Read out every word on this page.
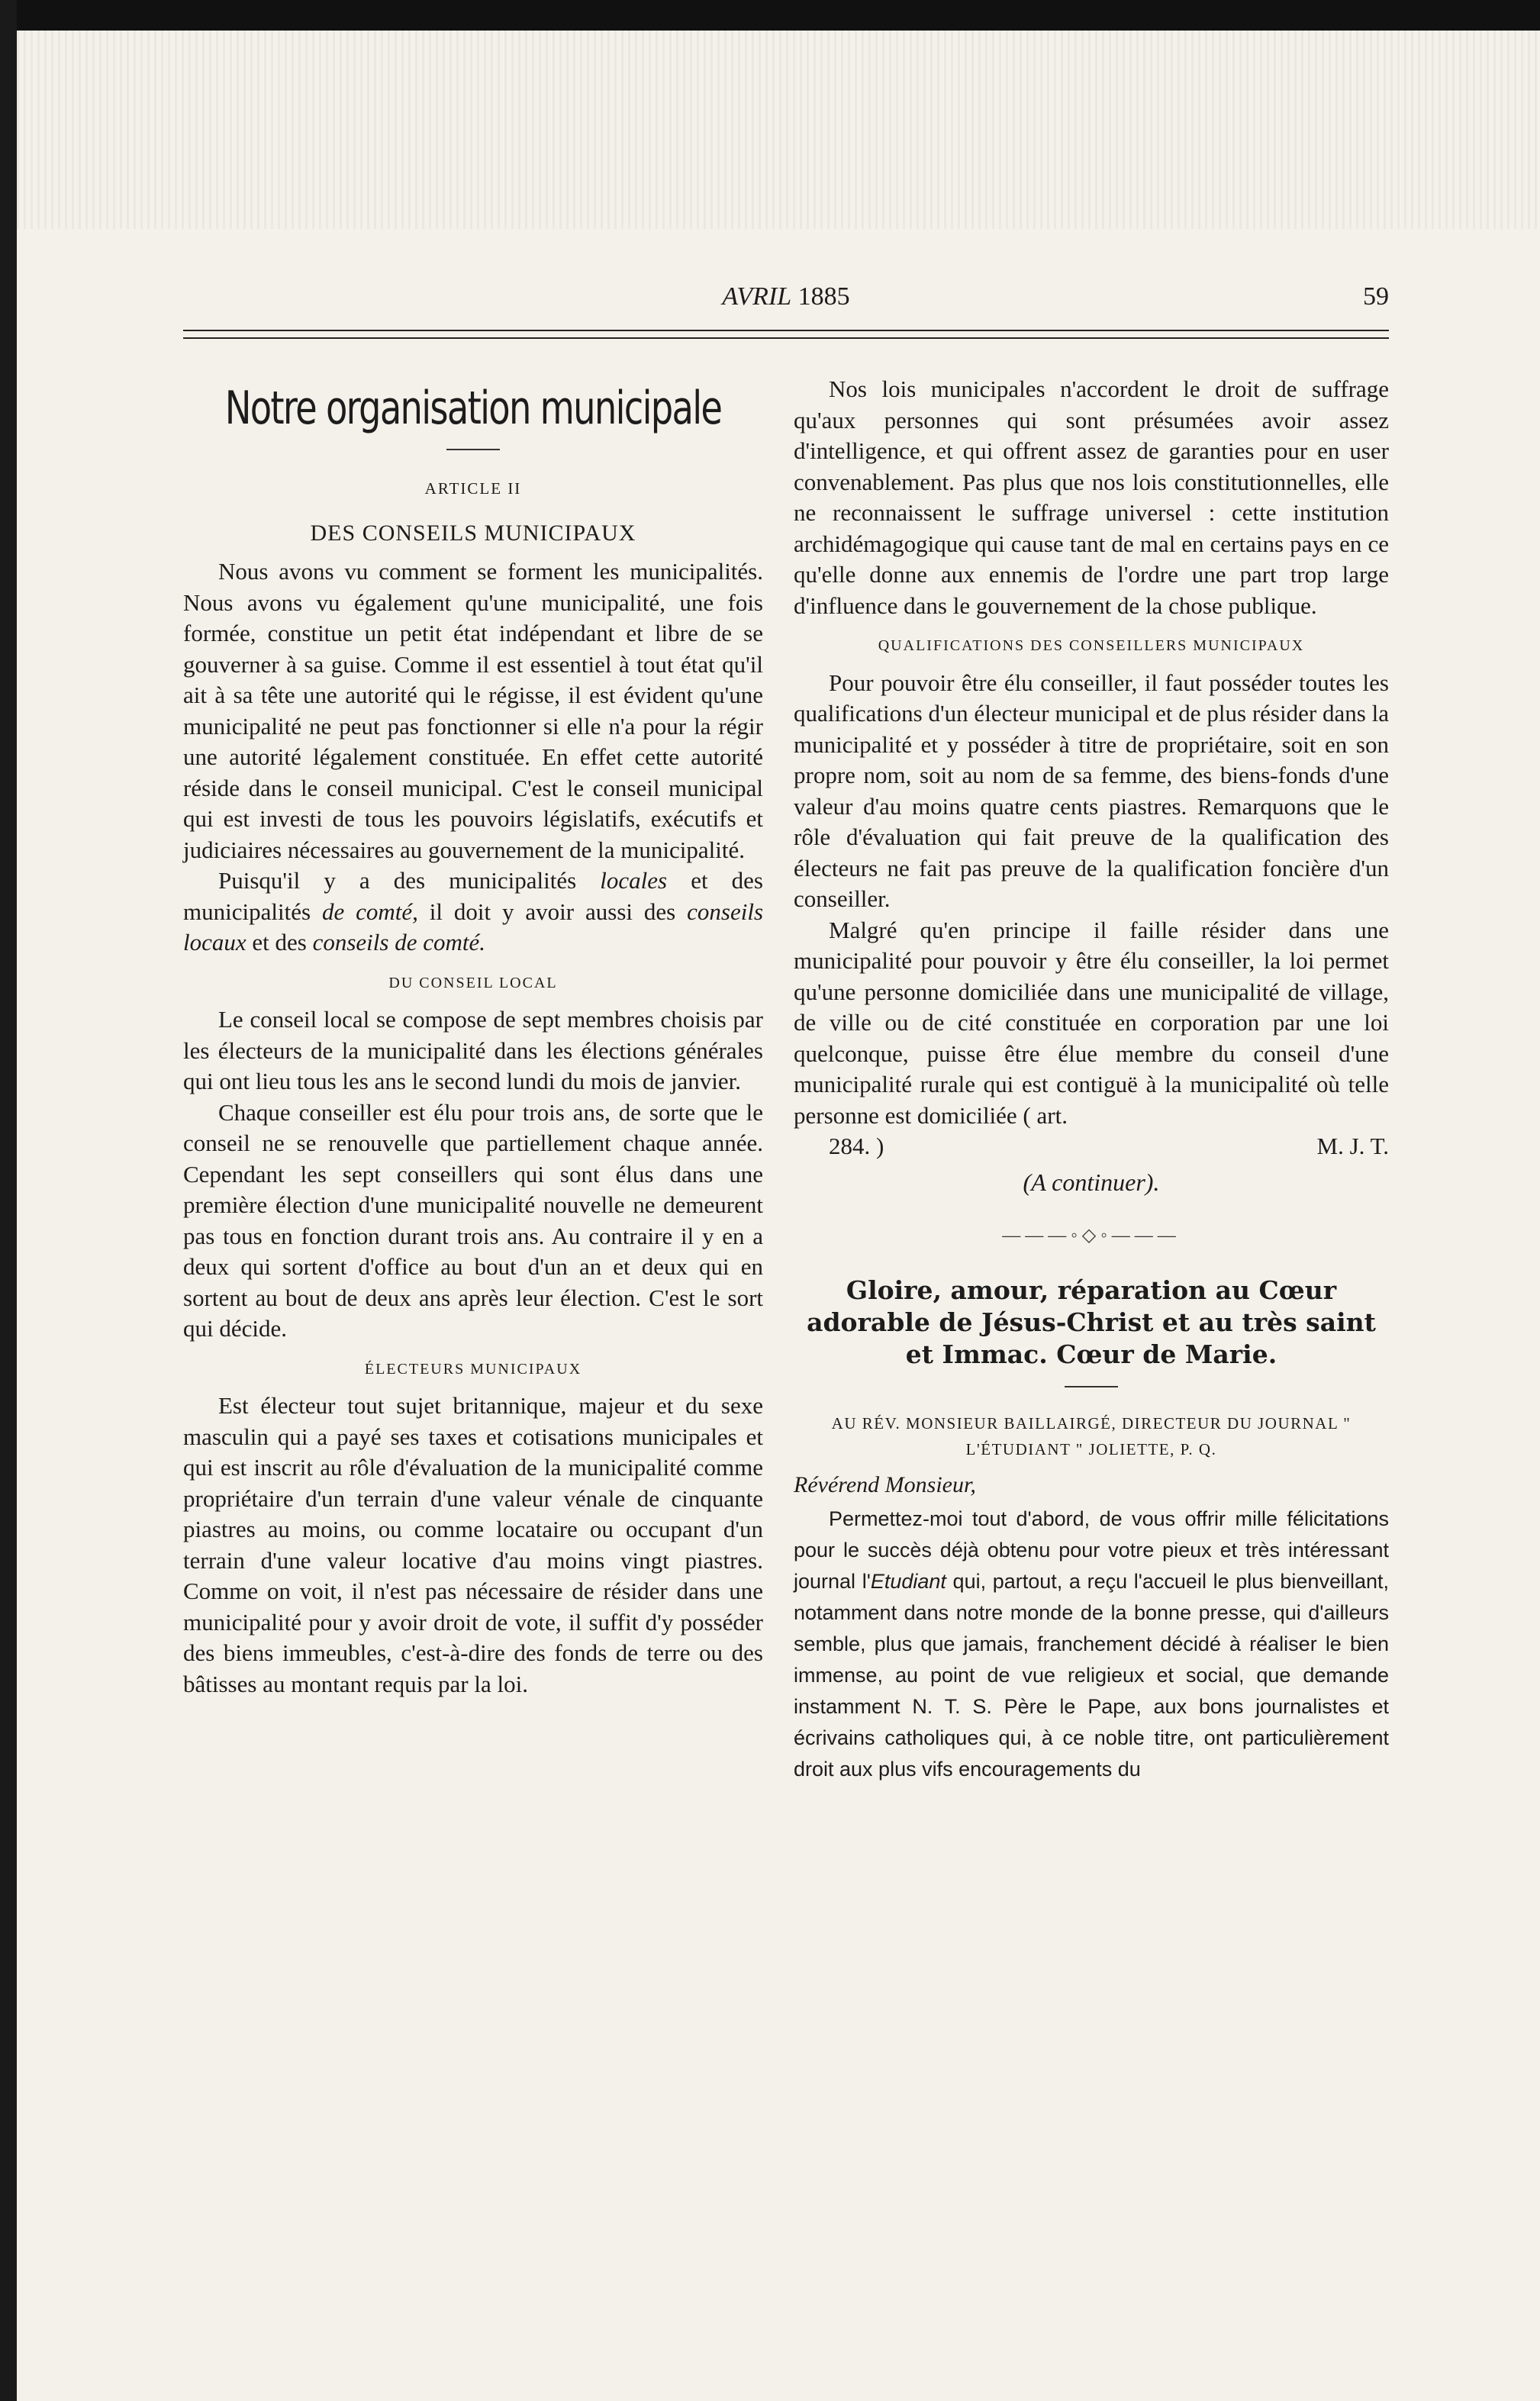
AVRIL 1885	59
Notre organisation municipale
ARTICLE II
DES CONSEILS MUNICIPAUX

Nous avons vu comment se forment les municipalités. Nous avons vu également qu'une municipalité, une fois formée, constitue un petit état indépendant et libre de se gouverner à sa guise. Comme il est essentiel à tout état qu'il ait à sa tête une autorité qui le régisse, il est évident qu'une municipalité ne peut pas fonctionner si elle n'a pour la régir une autorité légalement constituée. En effet cette autorité réside dans le conseil municipal. C'est le conseil municipal qui est investi de tous les pouvoirs législatifs, exécutifs et judiciaires nécessaires au gouvernement de la municipalité.

Puisqu'il y a des municipalités locales et des municipalités de comté, il doit y avoir aussi des conseils locaux et des conseils de comté.

DU CONSEIL LOCAL

Le conseil local se compose de sept membres choisis par les électeurs de la municipalité dans les élections générales qui ont lieu tous les ans le second lundi du mois de janvier.

Chaque conseiller est élu pour trois ans, de sorte que le conseil ne se renouvelle que partiellement chaque année. Cependant les sept conseillers qui sont élus dans une première élection d'une municipalité nouvelle ne demeurent pas tous en fonction durant trois ans. Au contraire il y en a deux qui sortent d'office au bout d'un an et deux qui en sortent au bout de deux ans après leur élection. C'est le sort qui décide.

ÉLECTEURS MUNICIPAUX

Est électeur tout sujet britannique, majeur et du sexe masculin qui a payé ses taxes et cotisations municipales et qui est inscrit au rôle d'évaluation de la municipalité comme propriétaire d'un terrain d'une valeur vénale de cinquante piastres au moins, ou comme locataire ou occupant d'un terrain d'une valeur locative d'au moins vingt piastres. Comme on voit, il n'est pas nécessaire de résider dans une municipalité pour y avoir droit de vote, il suffit d'y posséder des biens immeubles, c'est-à-dire des fonds de terre ou des bâtisses au montant requis par la loi.

Nos lois municipales n'accordent le droit de suffrage qu'aux personnes qui sont présumées avoir assez d'intelligence, et qui offrent assez de garanties pour en user convenablement. Pas plus que nos lois constitutionnelles, elle ne reconnaissent le suffrage universel : cette institution archidémagogique qui cause tant de mal en certains pays en ce qu'elle donne aux ennemis de l'ordre une part trop large d'influence dans le gouvernement de la chose publique.

QUALIFICATIONS DES CONSEILLERS MUNICIPAUX

Pour pouvoir être élu conseiller, il faut posséder toutes les qualifications d'un électeur municipal et de plus résider dans la municipalité et y posséder à titre de propriétaire, soit en son propre nom, soit au nom de sa femme, des biens-fonds d'une valeur d'au moins quatre cents piastres. Remarquons que le rôle d'évaluation qui fait preuve de la qualification des électeurs ne fait pas preuve de la qualification foncière d'un conseiller.

Malgré qu'en principe il faille résider dans une municipalité pour pouvoir y être élu conseiller, la loi permet qu'une personne domiciliée dans une municipalité de village, de ville ou de cité constituée en corporation par une loi quelconque, puisse être élue membre du conseil d'une municipalité rurale qui est contiguë à la municipalité où telle personne est domiciliée ( art.

284. )	M. J. T.

(A continuer).
———◦◇◦———
Gloire, amour, réparation au Cœur adorable de Jésus-Christ et au très saint et Immac. Cœur de Marie.
AU RÉV. MONSIEUR BAILLAIRGÉ, DIRECTEUR DU JOURNAL " L'ÉTUDIANT " JOLIETTE, P. Q.
Révérend Monsieur,

Permettez-moi tout d'abord, de vous offrir mille félicitations pour le succès déjà obtenu pour votre pieux et très intéressant journal l'Etudiant qui, partout, a reçu l'accueil le plus bienveillant, notamment dans notre monde de la bonne presse, qui d'ailleurs semble, plus que jamais, franchement décidé à réaliser le bien immense, au point de vue religieux et social, que demande instamment N. T. S. Père le Pape, aux bons journalistes et écrivains catholiques qui, à ce noble titre, ont particulièrement droit aux plus vifs encouragements du
